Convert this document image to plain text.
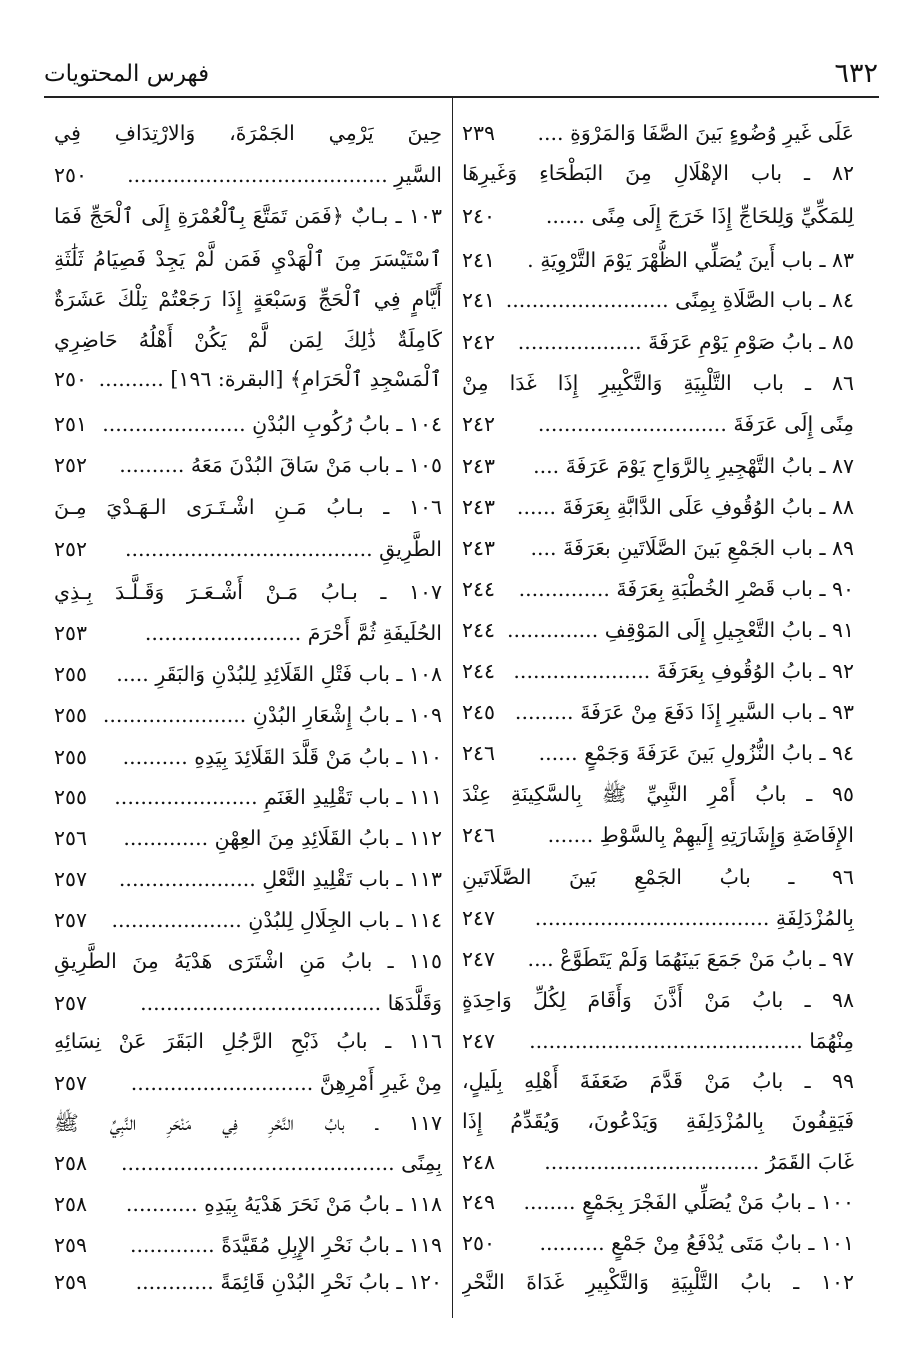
٦٣٢
فهرس المحتويات
عَلَى غَيرِ وُضُوءٍ بَينَ الصَّفَا وَالمَرْوَةِ ....
٢٣٩
٨٢ ـ باب الإهْلَالِ مِنَ البَطْحَاءِ وَغَيرِهَا
لِلمَكِّيِّ وَلِلحَاجِّ إِذَا خَرَجَ إِلَى مِنًى ......
٢٤٠
٨٣ ـ باب أَينَ يُصَلِّي الظُّهْرَ يَوْمَ التَّرْوِيَةِ .
٢٤١
٨٤ ـ باب الصَّلَاةِ بِمِنًى .........................
٢٤١
٨٥ ـ بابُ صَوْمِ يَوْمِ عَرَفَةَ ...................
٢٤٢
٨٦ ـ باب التَّلْبِيَةِ وَالتَّكْبِيرِ إِذَا غَدَا مِنْ
مِنًى إِلَى عَرَفَةَ .............................
٢٤٢
٨٧ ـ بابُ التَّهْجِيرِ بِالرَّوَاحِ يَوْمَ عَرَفَةَ ....
٢٤٣
٨٨ ـ بابُ الوُقُوفِ عَلَى الدَّابَّةِ بِعَرَفَةَ ......
٢٤٣
٨٩ ـ باب الجَمْعِ بَينَ الصَّلَاتَينِ بعَرَفَةَ ....
٢٤٣
٩٠ ـ باب قَصْرِ الخُطْبَةِ بِعَرَفَةَ ..............
٢٤٤
٩١ ـ بابُ التَّعْجِيلِ إِلَى المَوْقِفِ ..............
٢٤٤
٩٢ ـ بابُ الوُقُوفِ بِعَرَفَةَ .....................
٢٤٤
٩٣ ـ باب السَّيرِ إِذَا دَفَعَ مِنْ عَرَفَةَ .........
٢٤٥
٩٤ ـ بابُ النُّزُولِ بَينَ عَرَفَةَ وَجَمْعٍ ......
٢٤٦
٩٥ ـ بابُ أَمْرِ النَّبِيِّ ﷺ بِالسَّكِينَةِ عِنْدَ
الإِفَاضَةِ وَإِشَارَتِهِ إِلَيهِمْ بِالسَّوْطِ .......
٢٤٦
٩٦ ـ بابُ الجَمْعِ بَينَ الصَّلَاتَينِ
بِالمُزْدَلِفَةِ ....................................
٢٤٧
٩٧ ـ بابُ مَنْ جَمَعَ بَينَهُمَا وَلَمْ يَتَطَوَّعْ ....
٢٤٧
٩٨ ـ بابُ مَنْ أَذَّنَ وَأَقَامَ لِكُلِّ وَاحِدَةٍ
مِنْهُمَا ..........................................
٢٤٧
٩٩ ـ بابُ مَنْ قَدَّمَ ضَعَفَةَ أَهْلِهِ بِلَيلٍ،
فَيَقِفُونَ بِالمُزْدَلِفَةِ وَيَدْعُونَ، وَيُقَدِّمُ إِذَا
غَابَ القَمَرُ .................................
٢٤٨
١٠٠ ـ بابُ مَنْ يُصَلِّي الفَجْرَ بِجَمْعٍ ........
٢٤٩
١٠١ ـ بابٌ مَتَى يُدْفَعُ مِنْ جَمْعٍ ..........
٢٥٠
١٠٢ ـ بابُ التَّلْبِيَةِ وَالتَّكْبِيرِ غَدَاةَ النَّحْرِ
حِينَ يَرْمِي الجَمْرَةَ، وَالارْتِدَافِ فِي
السَّيرِ ........................................
٢٥٠
١٠٣ ـ بـابٌ ﴿فَمَن تَمَتَّعَ بِٱلْعُمْرَةِ إِلَى ٱلْحَجِّ فَمَا
ٱسْتَيْسَرَ مِنَ ٱلْهَدْيِ فَمَن لَّمْ يَجِدْ فَصِيَامُ ثَلَٰثَةِ
أَيَّامٍ فِي ٱلْحَجِّ وَسَبْعَةٍ إِذَا رَجَعْتُمْ تِلْكَ عَشَرَةٌ
كَامِلَةٌ ذَٰلِكَ لِمَن لَّمْ يَكُنْ أَهْلُهُ حَاضِرِي
ٱلْمَسْجِدِ ٱلْحَرَامِ﴾ [البقرة: ١٩٦] ..........
٢٥٠
١٠٤ ـ بابُ رُكُوبِ البُدْنِ ......................
٢٥١
١٠٥ ـ باب مَنْ سَاقَ البُدْنَ مَعَهُ ..........
٢٥٢
١٠٦ ـ بـابُ مَـنِ اشْـتَـرَى الـهَـدْيَ مِـنَ
الطَّرِيقِ ......................................
٢٥٢
١٠٧ ـ بـابُ مَـنْ أَشْـعَـرَ وَقَـلَّـدَ بِـذِي
الحُلَيفَةِ ثُمَّ أَحْرَمَ ........................
٢٥٣
١٠٨ ـ باب فَتْلِ القَلَائِدِ لِلبُدْنِ وَالبَقَرِ .....
٢٥٥
١٠٩ ـ بابُ إِشْعَارِ البُدْنِ ......................
٢٥٥
١١٠ ـ بابُ مَنْ قَلَّدَ القَلَائِدَ بِيَدِهِ ..........
٢٥٥
١١١ ـ باب تَقْلِيدِ الغَنَمِ ......................
٢٥٥
١١٢ ـ بابُ القَلَائِدِ مِنَ العِهْنِ .............
٢٥٦
١١٣ ـ باب تَقْلِيدِ النَّعْلِ .....................
٢٥٧
١١٤ ـ باب الجِلَالِ لِلبُدْنِ ....................
٢٥٧
١١٥ ـ بابُ مَنِ اشْتَرَى هَدْيَهُ مِنَ الطَّرِيقِ
وَقَلَّدَهَا .....................................
٢٥٧
١١٦ ـ بابُ ذَبْحِ الرَّجُلِ البَقَرَ عَنْ نِسَائِهِ
مِنْ غَيرِ أَمْرِهِنَّ ............................
٢٥٧
١١٧ ـ بابُ النَّحْرِ فِي مَنْحَرِ النَّبِيِّ ﷺ
بِمِنًى ..........................................
٢٥٨
١١٨ ـ بابُ مَنْ نَحَرَ هَدْيَهُ بِيَدِهِ ...........
٢٥٨
١١٩ ـ بابُ نَحْرِ الإِبِلِ مُقَيَّدَةً .............
٢٥٩
١٢٠ ـ بابُ نَحْرِ البُدْنِ قَائِمَةً ............
٢٥٩
